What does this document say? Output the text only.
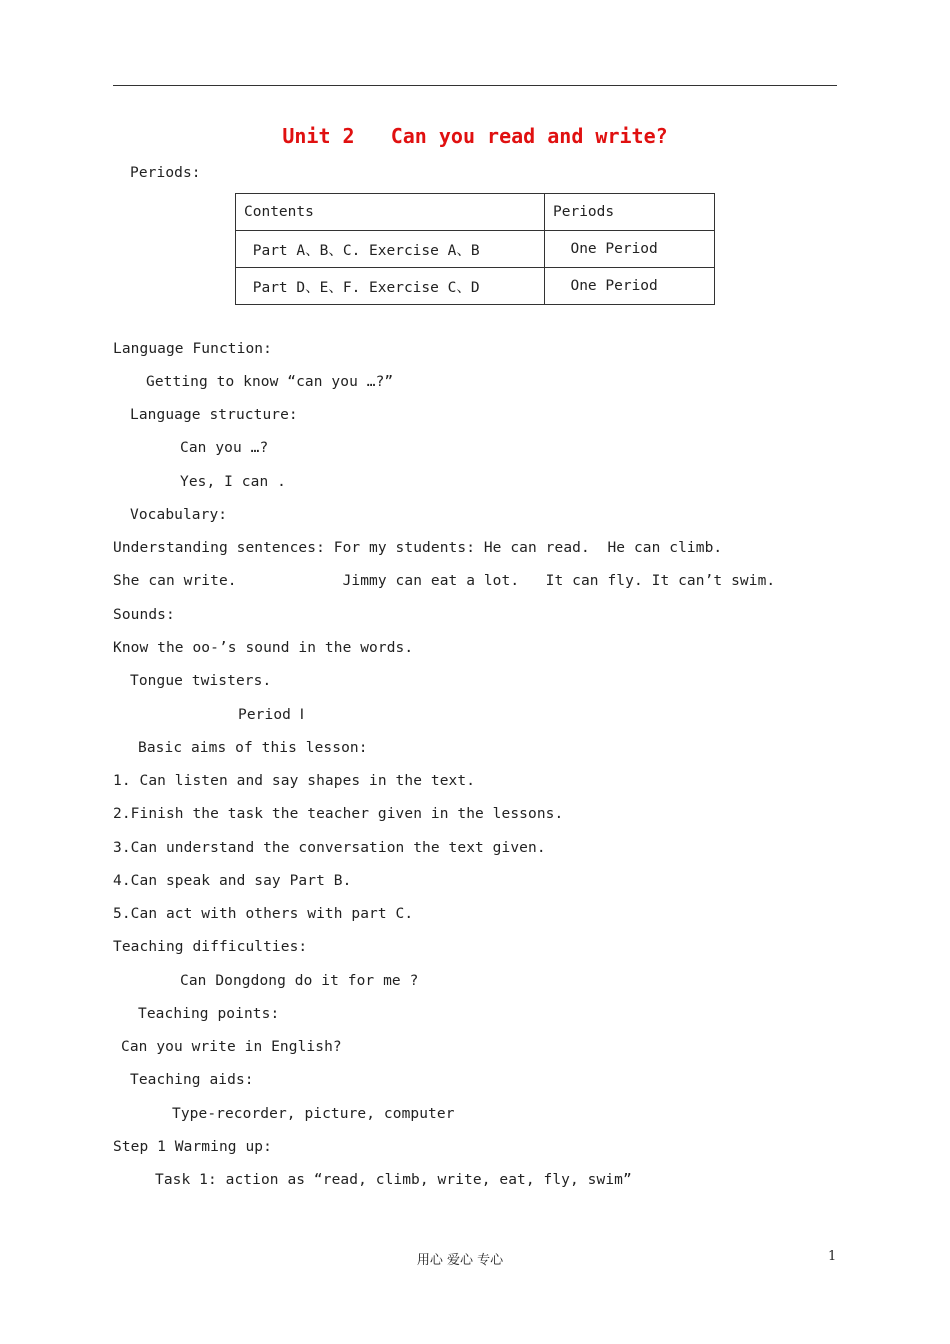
Unit 2   Can you read and write?
Periods:
Contents	Periods
Part A、B、C. Exercise A、B	One Period
Part D、E、F. Exercise C、D	One Period
Language Function:
Getting to know “can you …?”
Language structure:
Can you …?
Yes, I can .
Vocabulary:
Understanding sentences: For my students: He can read.  He can climb.
She can write.            Jimmy can eat a lot.   It can fly. It can’t swim.
Sounds:
Know the oo-’s sound in the words.
Tongue twisters.
Period Ⅰ
Basic aims of this lesson:
1. Can listen and say shapes in the text.
2.Finish the task the teacher given in the lessons.
3.Can understand the conversation the text given.
4.Can speak and say Part B.
5.Can act with others with part C.
Teaching difficulties:
Can Dongdong do it for me ?
Teaching points:
Can you write in English?
Teaching aids:
Type-recorder, picture, computer
Step 1 Warming up:
Task 1: action as “read, climb, write, eat, fly, swim”
用心 爱心 专心	1
